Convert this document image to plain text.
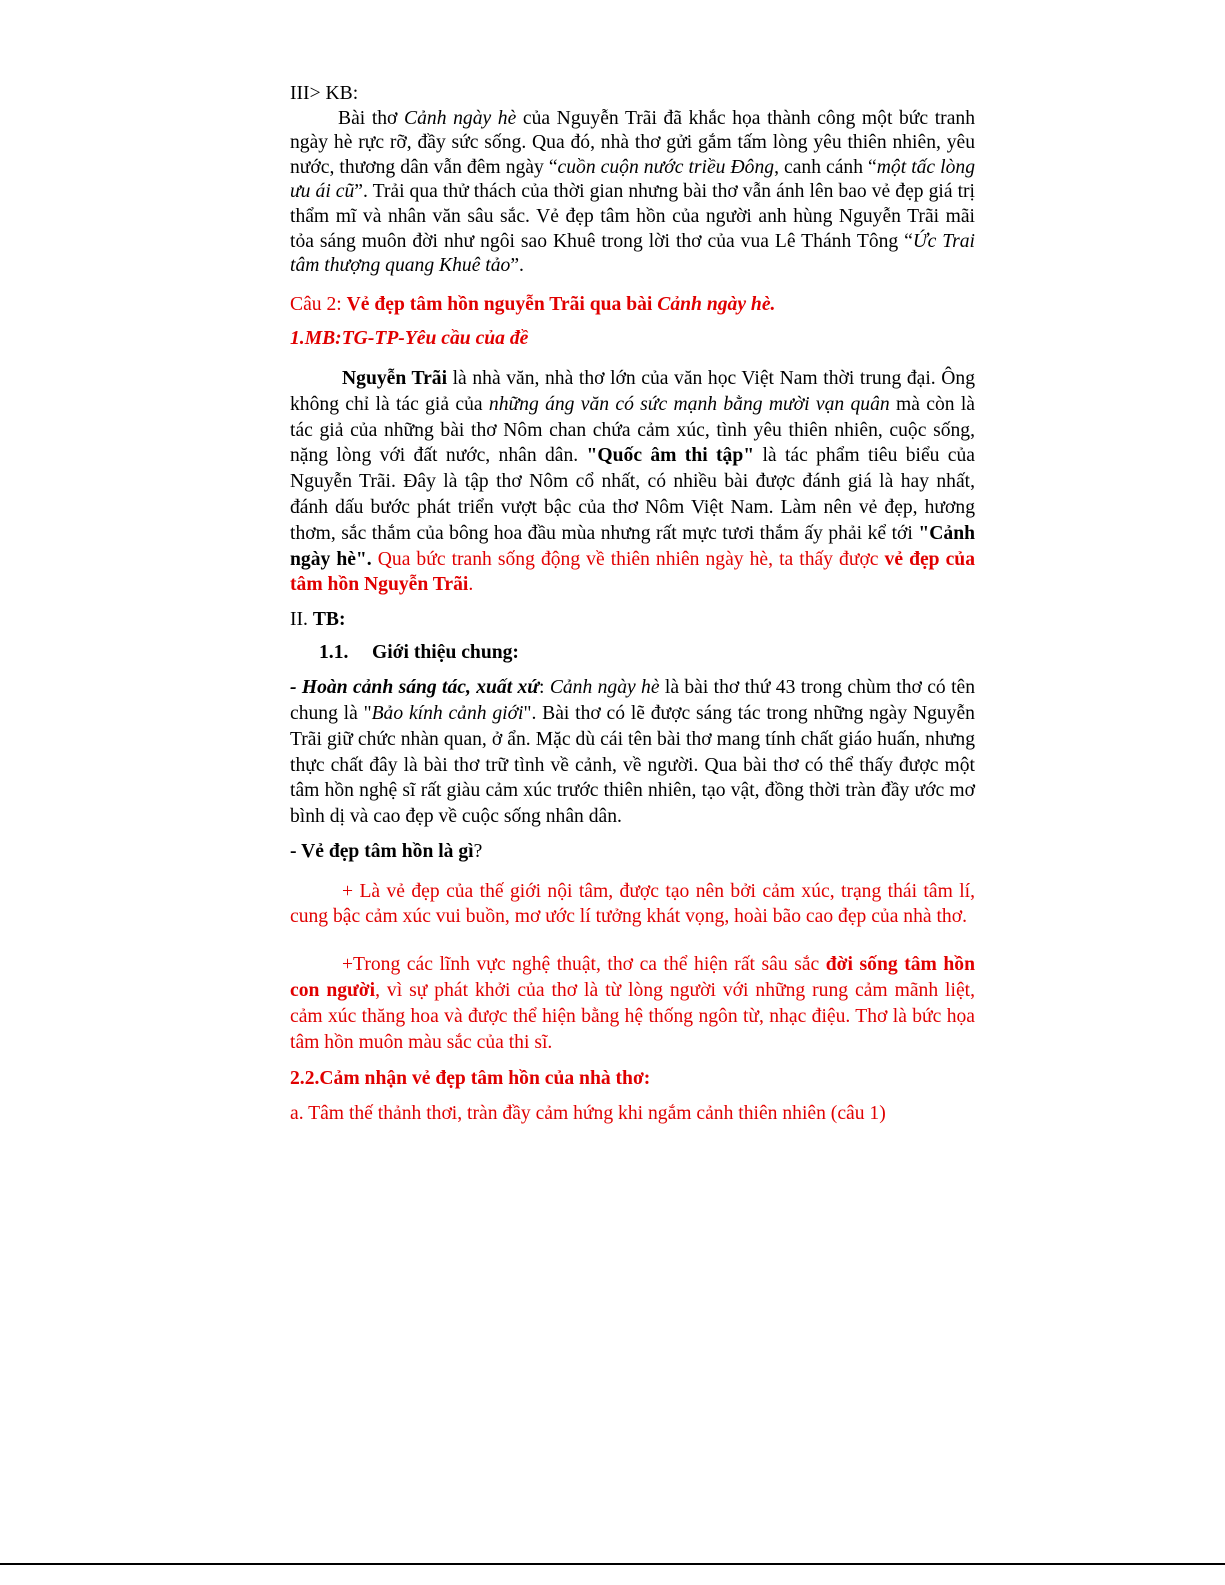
III> KB:

Bài thơ Cảnh ngày hè của Nguyễn Trãi đã khắc họa thành công một bức tranh ngày hè rực rỡ, đầy sức sống. Qua đó, nhà thơ gửi gắm tấm lòng yêu thiên nhiên, yêu nước, thương dân vẫn đêm ngày “cuồn cuộn nước triều Đông, canh cánh “một tấc lòng ưu ái cũ”. Trải qua thử thách của thời gian nhưng bài thơ vẫn ánh lên bao vẻ đẹp giá trị thẩm mĩ và nhân văn sâu sắc. Vẻ đẹp tâm hồn của người anh hùng Nguyễn Trãi mãi tỏa sáng muôn đời như ngôi sao Khuê trong lời thơ của vua Lê Thánh Tông “Ức Trai tâm thượng quang Khuê tảo”.

Câu 2: Vẻ đẹp tâm hồn nguyễn Trãi qua bài Cảnh ngày hè.

1.MB:TG-TP-Yêu cầu của đề

Nguyễn Trãi là nhà văn, nhà thơ lớn của văn học Việt Nam thời trung đại. Ông không chỉ là tác giả của những áng văn có sức mạnh bằng mười vạn quân mà còn là tác giả của những bài thơ Nôm chan chứa cảm xúc, tình yêu thiên nhiên, cuộc sống, nặng lòng với đất nước, nhân dân. "Quốc âm thi tập" là tác phẩm tiêu biểu của Nguyễn Trãi. Đây là tập thơ Nôm cổ nhất, có nhiều bài được đánh giá là hay nhất, đánh dấu bước phát triển vượt bậc của thơ Nôm Việt Nam. Làm nên vẻ đẹp, hương thơm, sắc thắm của bông hoa đầu mùa nhưng rất mực tươi thắm ấy phải kể tới "Cảnh ngày hè". Qua bức tranh sống động về thiên nhiên ngày hè, ta thấy được vẻ đẹp của tâm hồn Nguyễn Trãi.

II. TB:

1.1. Giới thiệu chung:

- Hoàn cảnh sáng tác, xuất xứ: Cảnh ngày hè là bài thơ thứ 43 trong chùm thơ có tên chung là "Bảo kính cảnh giới". Bài thơ có lẽ được sáng tác trong những ngày Nguyễn Trãi giữ chức nhàn quan, ở ẩn. Mặc dù cái tên bài thơ mang tính chất giáo huấn, nhưng thực chất đây là bài thơ trữ tình về cảnh, về người. Qua bài thơ có thể thấy được một tâm hồn nghệ sĩ rất giàu cảm xúc trước thiên nhiên, tạo vật, đồng thời tràn đầy ước mơ bình dị và cao đẹp về cuộc sống nhân dân.

- Vẻ đẹp tâm hồn là gì?

+ Là vẻ đẹp của thế giới nội tâm, được tạo nên bởi cảm xúc, trạng thái tâm lí, cung bậc cảm xúc vui buồn, mơ ước lí tưởng khát vọng, hoài bão cao đẹp của nhà thơ.

+Trong các lĩnh vực nghệ thuật, thơ ca thể hiện rất sâu sắc đời sống tâm hồn con người, vì sự phát khởi của thơ là từ lòng người với những rung cảm mãnh liệt, cảm xúc thăng hoa và được thể hiện bằng hệ thống ngôn từ, nhạc điệu. Thơ là bức họa tâm hồn muôn màu sắc của thi sĩ.

2.2.Cảm nhận vẻ đẹp tâm hồn của nhà thơ:

a. Tâm thế thảnh thơi, tràn đầy cảm hứng khi ngắm cảnh thiên nhiên (câu 1)
